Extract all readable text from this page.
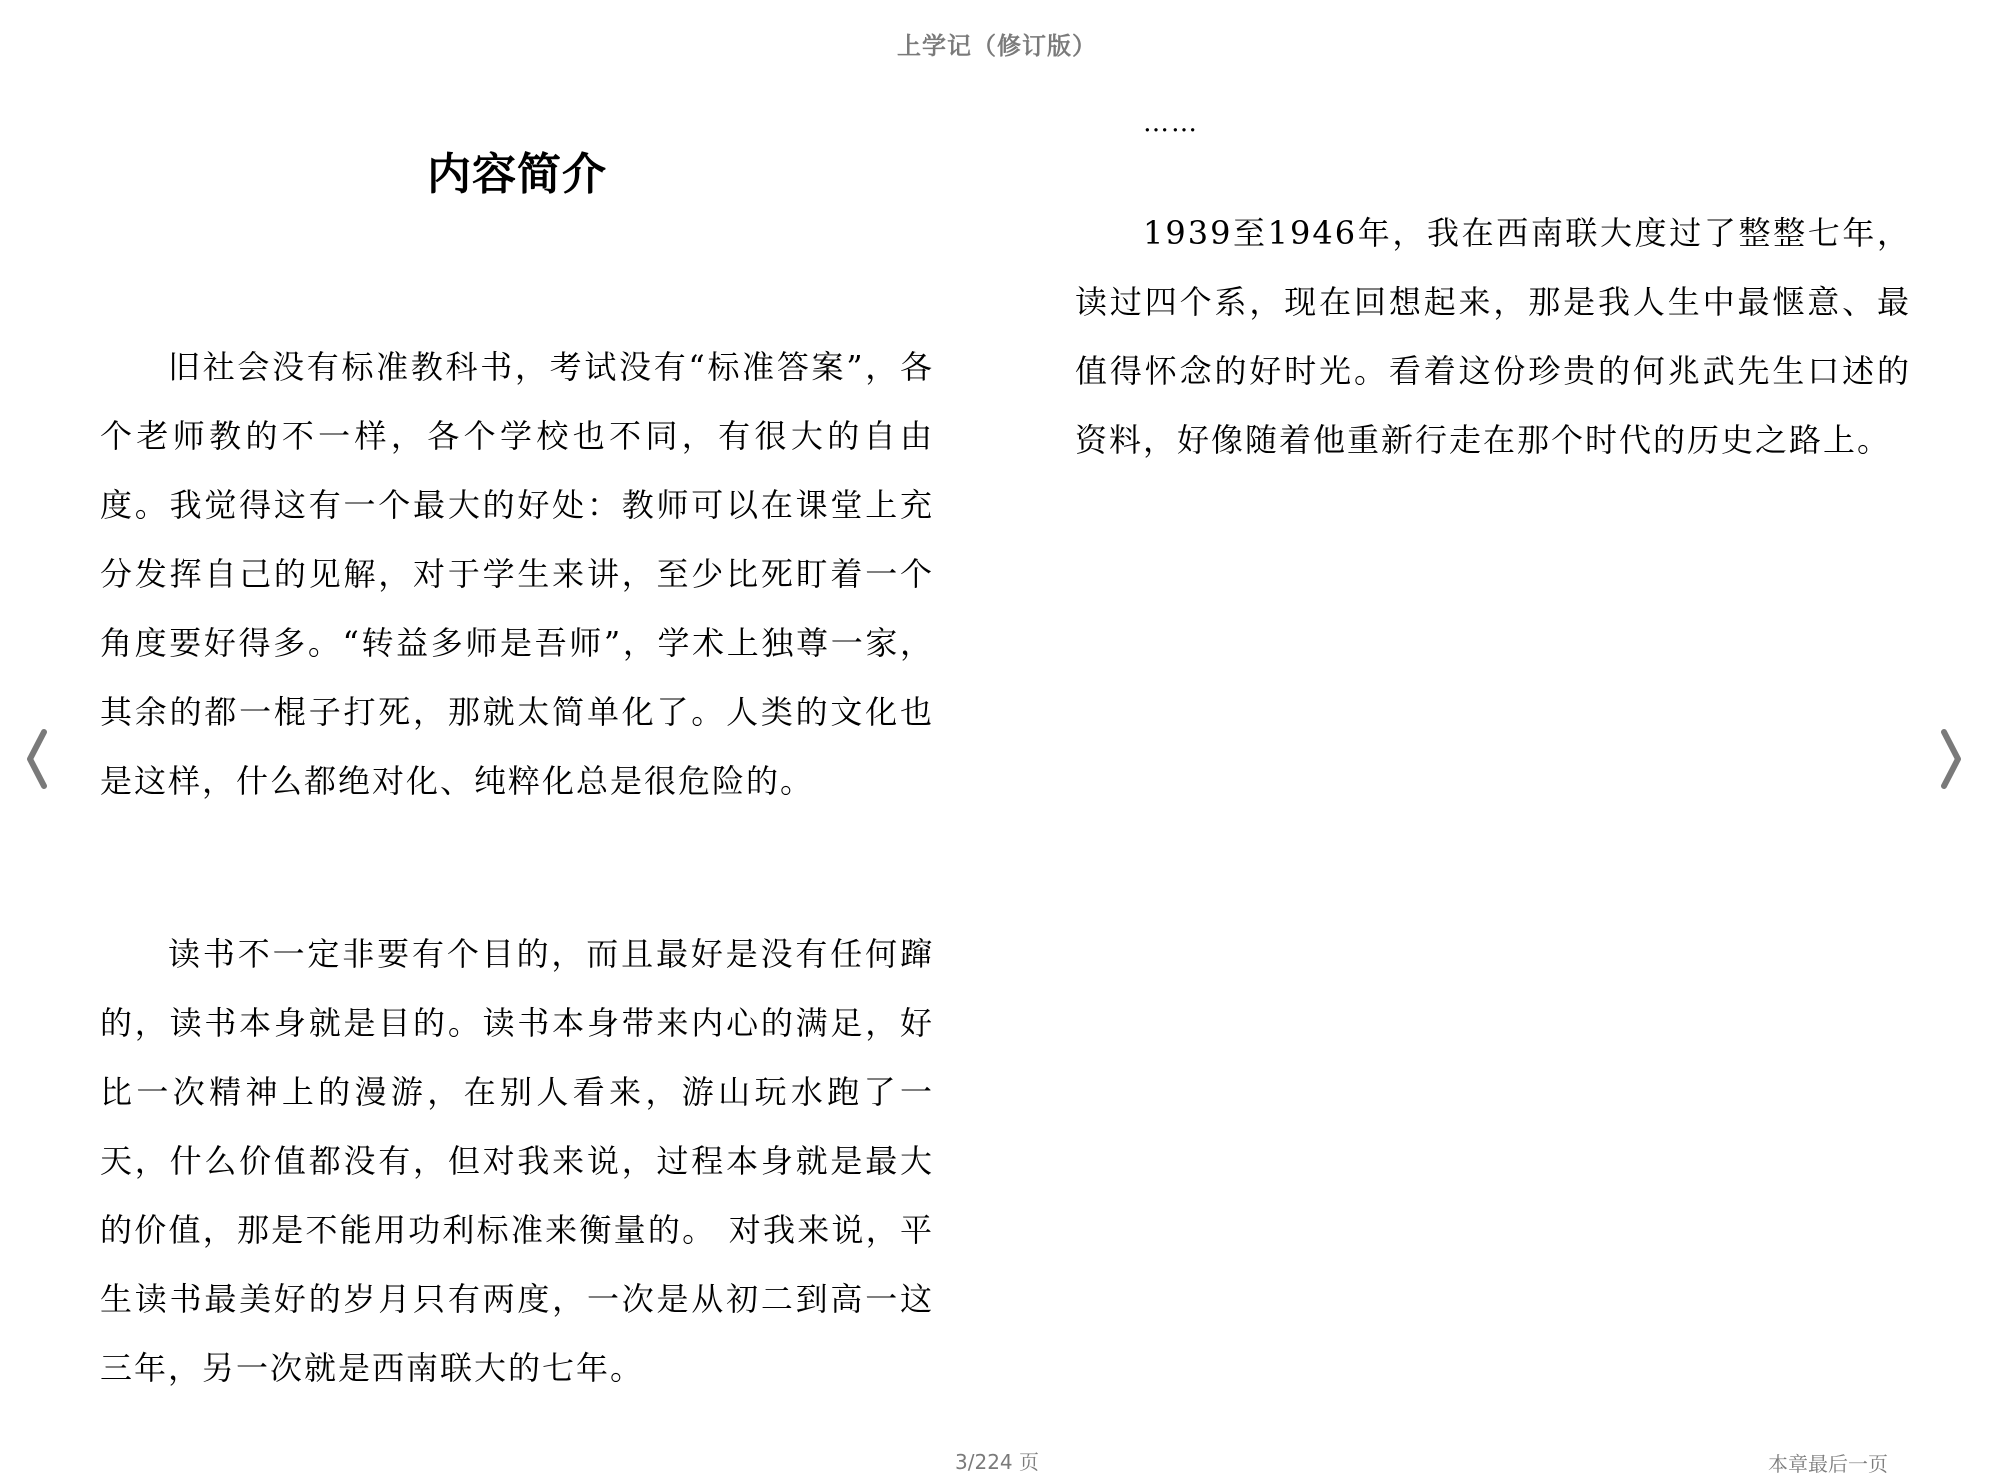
上学记（修订版）
内容简介

旧社会没有标准教科书，考试没有“标准答案”，各个老师教的不一样，各个学校也不同，有很大的自由度。我觉得这有一个最大的好处：教师可以在课堂上充分发挥自己的见解，对于学生来讲，至少比死盯着一个角度要好得多。“转益多师是吾师”，学术上独尊一家，其余的都一棍子打死，那就太简单化了。人类的文化也是这样，什么都绝对化、纯粹化总是很危险的。

读书不一定非要有个目的，而且最好是没有任何蹿的，读书本身就是目的。读书本身带来内心的满足，好比一次精神上的漫游，在别人看来，游山玩水跑了一天，什么价值都没有，但对我来说，过程本身就是最大的价值，那是不能用功利标准来衡量的。 对我来说，平生读书最美好的岁月只有两度，一次是从初二到高一这三年，另一次就是西南联大的七年。

……

1939至1946年，我在西南联大度过了整整七年，读过四个系，现在回想起来，那是我人生中最惬意、最值得怀念的好时光。看着这份珍贵的何兆武先生口述的资料，好像随着他重新行走在那个时代的历史之路上。

3/224 页	本章最后一页
